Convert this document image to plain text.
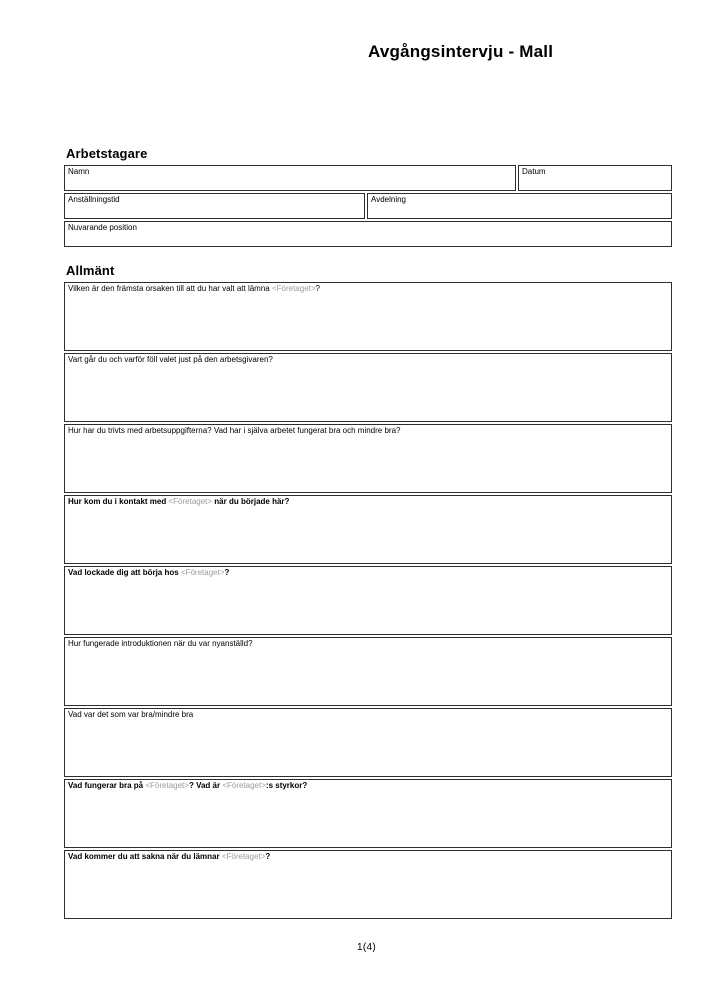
Avgångsintervju - Mall
Arbetstagare
Namn	Datum
Anställningstid	Avdelning
Nuvarande position
Allmänt
Vilken är den främsta orsaken till att du har valt att lämna <Företaget>?
Vart går du och varför föll valet just på den arbetsgivaren?
Hur har du trivts med arbetsuppgifterna? Vad har i själva arbetet fungerat bra och mindre bra?
Hur kom du i kontakt med <Företaget> när du började här?
Vad lockade dig att börja hos <Företaget>?
Hur fungerade introduktionen när du var nyanställd?
Vad var det som var bra/mindre bra
Vad fungerar bra på <Företaget>? Vad är <Företaget>:s styrkor?
Vad kommer du att sakna när du lämnar <Företaget>?
1(4)
